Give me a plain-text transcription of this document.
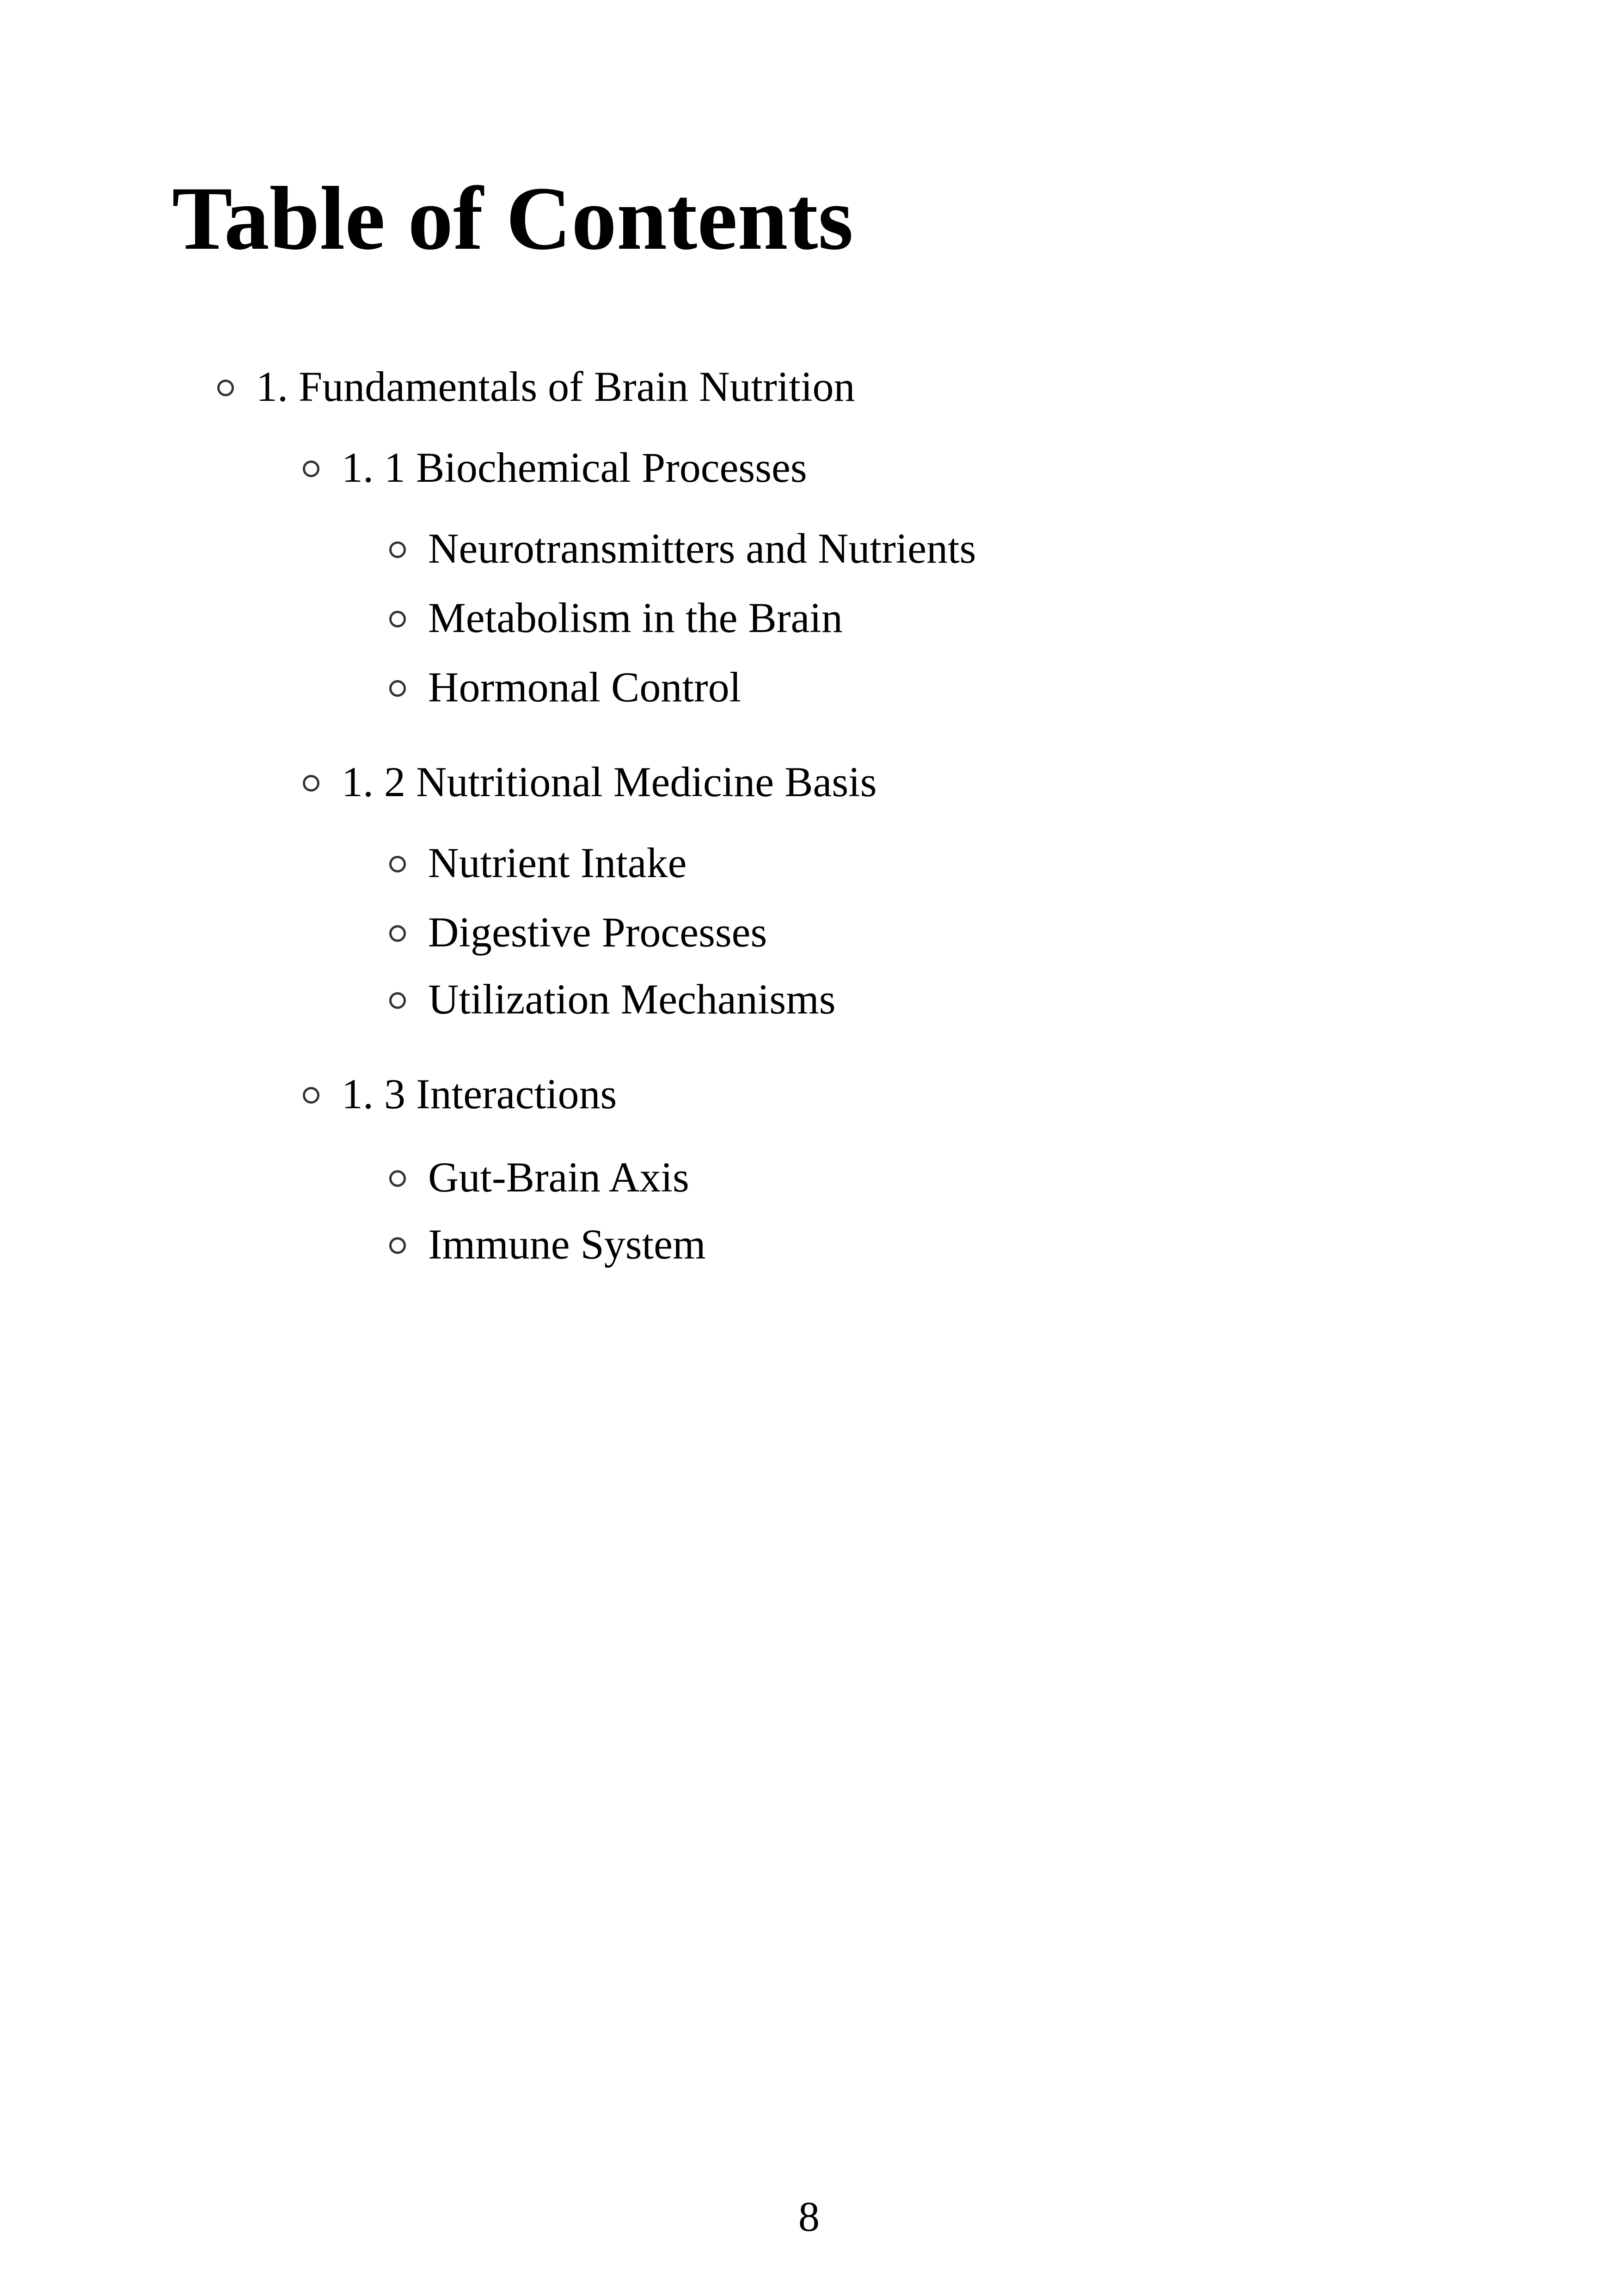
Table of Contents
1. Fundamentals of Brain Nutrition
1. 1 Biochemical Processes
Neurotransmitters and Nutrients
Metabolism in the Brain
Hormonal Control
1. 2 Nutritional Medicine Basis
Nutrient Intake
Digestive Processes
Utilization Mechanisms
1. 3 Interactions
Gut-Brain Axis
Immune System
8
